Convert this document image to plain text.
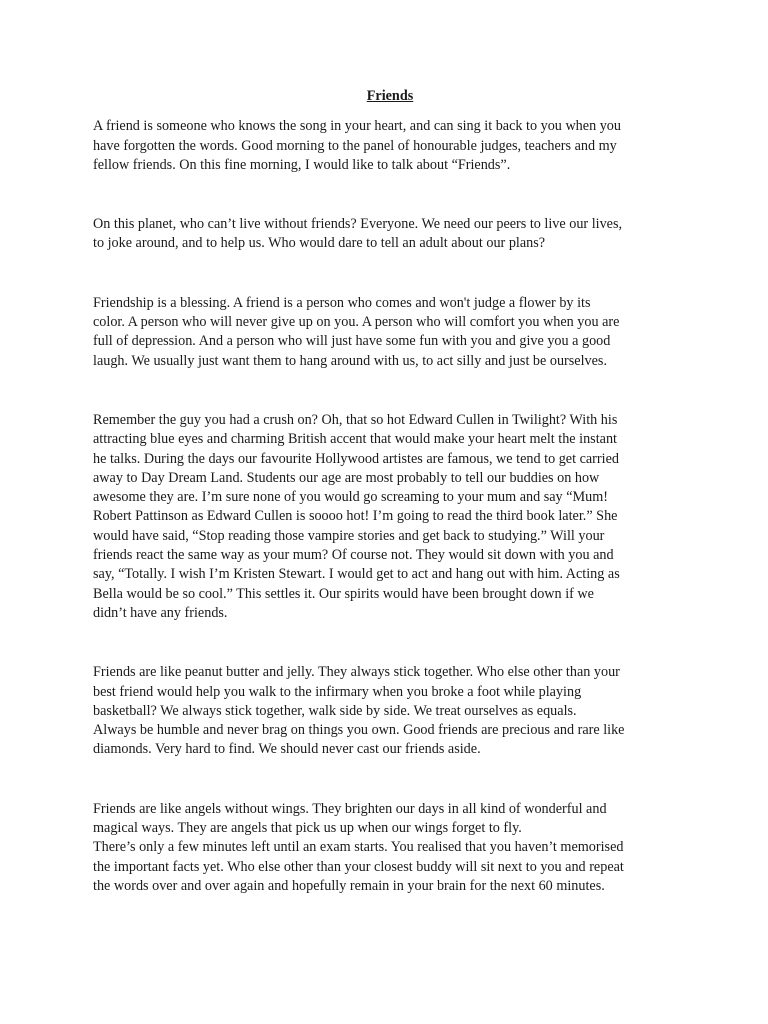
Friends
A friend is someone who knows the song in your heart, and can sing it back to you when you
have forgotten the words. Good morning to the panel of honourable judges, teachers and my
fellow friends. On this fine morning, I would like to talk about “Friends”.
On this planet, who can’t live without friends? Everyone. We need our peers to live our lives,
to joke around, and to help us. Who would dare to tell an adult about our plans?
Friendship is a blessing. A friend is a person who comes and won't judge a flower by its
color. A person who will never give up on you. A person who will comfort you when you are
full of depression. And a person who will just have some fun with you and give you a good
laugh. We usually just want them to hang around with us, to act silly and just be ourselves.
Remember the guy you had a crush on? Oh, that so hot Edward Cullen in Twilight? With his
attracting blue eyes and charming British accent that would make your heart melt the instant
he talks. During the days our favourite Hollywood artistes are famous, we tend to get carried
away to Day Dream Land. Students our age are most probably to tell our buddies on how
awesome they are. I’m sure none of you would go screaming to your mum and say “Mum!
Robert Pattinson as Edward Cullen is soooo hot! I’m going to read the third book later.” She
would have said, “Stop reading those vampire stories and get back to studying.” Will your
friends react the same way as your mum? Of course not. They would sit down with you and
say, “Totally. I wish I’m Kristen Stewart. I would get to act and hang out with him. Acting as
Bella would be so cool.” This settles it. Our spirits would have been brought down if we
didn’t have any friends.
Friends are like peanut butter and jelly. They always stick together. Who else other than your
best friend would help you walk to the infirmary when you broke a foot while playing
basketball? We always stick together, walk side by side. We treat ourselves as equals.
Always be humble and never brag on things you own. Good friends are precious and rare like
diamonds. Very hard to find. We should never cast our friends aside.
Friends are like angels without wings. They brighten our days in all kind of wonderful and
magical ways. They are angels that pick us up when our wings forget to fly.
There’s only a few minutes left until an exam starts. You realised that you haven’t memorised
the important facts yet. Who else other than your closest buddy will sit next to you and repeat
the words over and over again and hopefully remain in your brain for the next 60 minutes.
